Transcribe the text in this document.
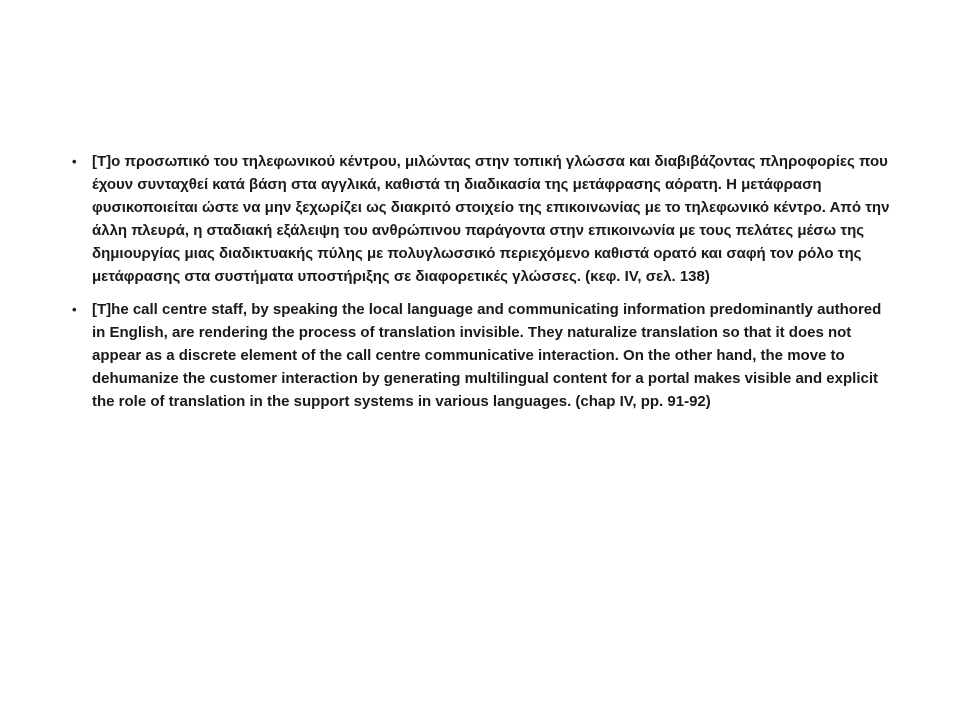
•	[Τ]ο προσωπικό του τηλεφωνικού κέντρου, μιλώντας στην τοπική γλώσσα και διαβιβάζοντας πληροφορίες που έχουν συνταχθεί κατά βάση στα αγγλικά, καθιστά τη διαδικασία της μετάφρασης αόρατη. Η μετάφραση φυσικοποιείται ώστε να μην ξεχωρίζει ως διακριτό στοιχείο της επικοινωνίας με το τηλεφωνικό κέντρο. Από την άλλη πλευρά, η σταδιακή εξάλειψη του ανθρώπινου παράγοντα στην επικοινωνία με τους πελάτες μέσω της δημιουργίας μιας διαδικτυακής πύλης με πολυγλωσσικό περιεχόμενο καθιστά ορατό και σαφή τον ρόλο της μετάφρασης στα συστήματα υποστήριξης σε διαφορετικές γλώσσες. (κεφ. IV, σελ. 138)
•	[T]he call centre staff, by speaking the local language and communicating information predominantly authored in English, are rendering the process of translation invisible. They naturalize translation so that it does not appear as a discrete element of the call centre communicative interaction. On the other hand, the move to dehumanize the customer interaction by generating multilingual content for a portal makes visible and explicit the role of translation in the support systems in various languages. (chap IV, pp. 91-92)
